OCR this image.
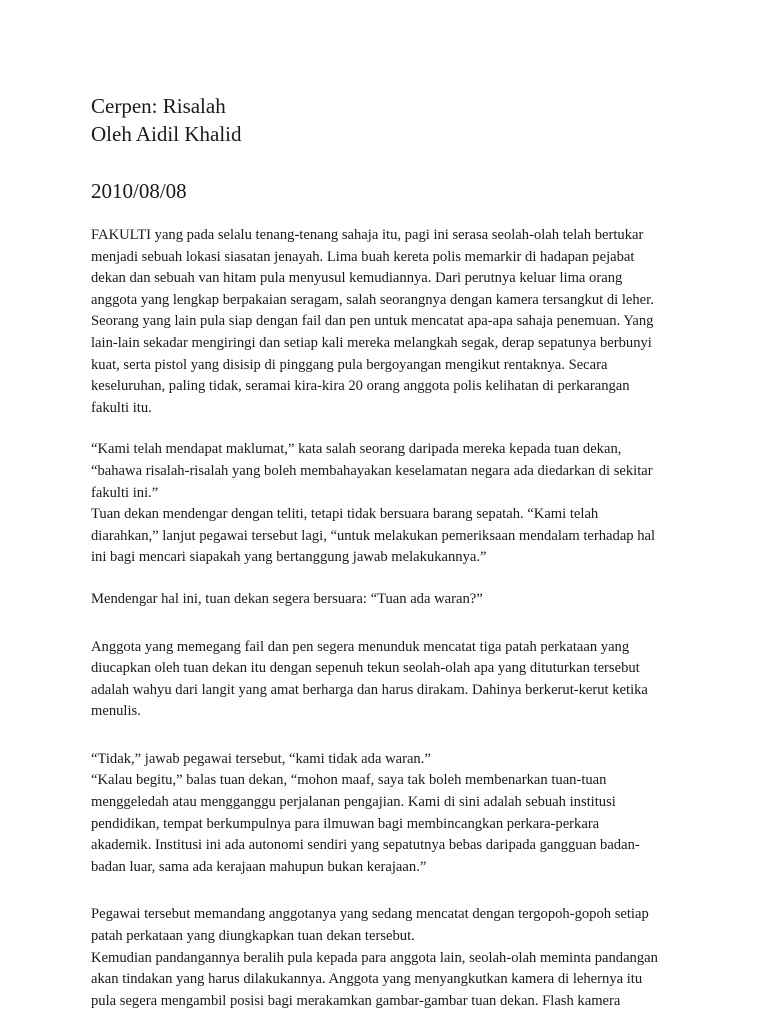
Cerpen: Risalah
Oleh Aidil Khalid
2010/08/08

FAKULTI yang pada selalu tenang-tenang sahaja itu, pagi ini serasa seolah-olah telah bertukar
menjadi sebuah lokasi siasatan jenayah. Lima buah kereta polis memarkir di hadapan pejabat
dekan dan sebuah van hitam pula menyusul kemudiannya. Dari perutnya keluar lima orang
anggota yang lengkap berpakaian seragam, salah seorangnya dengan kamera tersangkut di leher.
Seorang yang lain pula siap dengan fail dan pen untuk mencatat apa-apa sahaja penemuan. Yang
lain-lain sekadar mengiringi dan setiap kali mereka melangkah segak, derap sepatunya berbunyi
kuat, serta pistol yang disisip di pinggang pula bergoyangan mengikut rentaknya. Secara
keseluruhan, paling tidak, seramai kira-kira 20 orang anggota polis kelihatan di perkarangan
fakulti itu.

“Kami telah mendapat maklumat,” kata salah seorang daripada mereka kepada tuan dekan,
“bahawa risalah-risalah yang boleh membahayakan keselamatan negara ada diedarkan di sekitar
fakulti ini.”
Tuan dekan mendengar dengan teliti, tetapi tidak bersuara barang sepatah. “Kami telah
diarahkan,” lanjut pegawai tersebut lagi, “untuk melakukan pemeriksaan mendalam terhadap hal
ini bagi mencari siapakah yang bertanggung jawab melakukannya.”

Mendengar hal ini, tuan dekan segera bersuara: “Tuan ada waran?”

Anggota yang memegang fail dan pen segera menunduk mencatat tiga patah perkataan yang
diucapkan oleh tuan dekan itu dengan sepenuh tekun seolah-olah apa yang dituturkan tersebut
adalah wahyu dari langit yang amat berharga dan harus dirakam. Dahinya berkerut-kerut ketika
menulis.

“Tidak,” jawab pegawai tersebut, “kami tidak ada waran.”
“Kalau begitu,” balas tuan dekan, “mohon maaf, saya tak boleh membenarkan tuan-tuan
menggeledah atau mengganggu perjalanan pengajian. Kami di sini adalah sebuah institusi
pendidikan, tempat berkumpulnya para ilmuwan bagi membincangkan perkara-perkara
akademik. Institusi ini ada autonomi sendiri yang sepatutnya bebas daripada gangguan badan-
badan luar, sama ada kerajaan mahupun bukan kerajaan.”

Pegawai tersebut memandang anggotanya yang sedang mencatat dengan tergopoh-gopoh setiap
patah perkataan yang diungkapkan tuan dekan tersebut.
Kemudian pandangannya beralih pula kepada para anggota lain, seolah-olah meminta pandangan
akan tindakan yang harus dilakukannya. Anggota yang menyangkutkan kamera di lehernya itu
pula segera mengambil posisi bagi merakamkan gambar-gambar tuan dekan. Flash kamera
